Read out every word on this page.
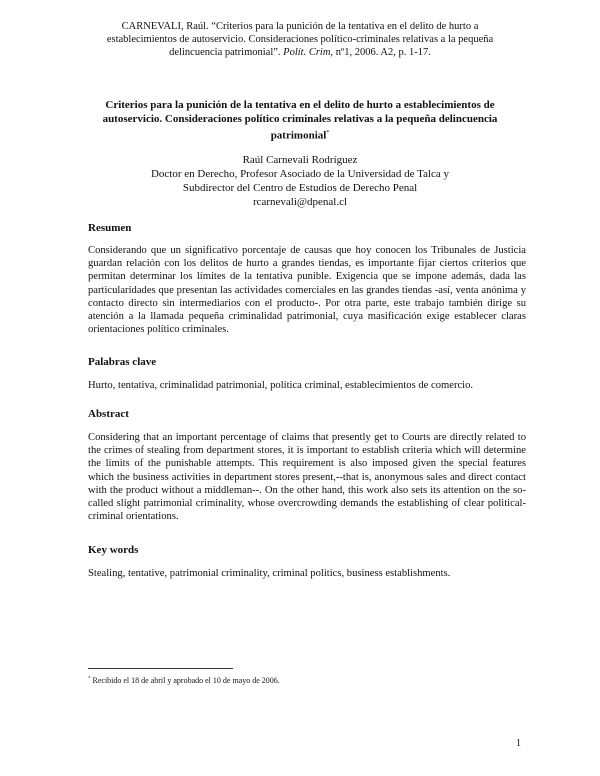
CARNEVALI, Raúl. “Criterios para la punición de la tentativa en el delito de hurto a
establecimientos de autoservicio. Consideraciones político-criminales relativas a la pequeña
delincuencia patrimonial”. Polít. Crim, nº1, 2006. A2, p. 1-17.
Criterios para la punición de la tentativa en el delito de hurto a establecimientos de autoservicio. Consideraciones político criminales relativas a la pequeña delincuencia patrimonial*
Raúl Carnevali Rodríguez
Doctor en Derecho, Profesor Asociado de la Universidad de Talca y
Subdirector del Centro de Estudios de Derecho Penal
rcarnevali@dpenal.cl
Resumen
Considerando que un significativo porcentaje de causas que hoy conocen los Tribunales de Justicia guardan relación con los delitos de hurto a grandes tiendas, es importante fijar ciertos criterios que permitan determinar los límites de la tentativa punible. Exigencia que se impone además, dada las particularidades que presentan las actividades comerciales en las grandes tiendas -así, venta anónima y contacto directo sin intermediarios con el producto-. Por otra parte, este trabajo también dirige su atención a la llamada pequeña criminalidad patrimonial, cuya masificación exige establecer claras orientaciones político criminales.
Palabras clave
Hurto, tentativa, criminalidad patrimonial, política criminal, establecimientos de comercio.
Abstract
Considering that an important percentage of claims that presently get to Courts are directly related to the crimes of stealing from department stores, it is important to establish criteria which will determine the limits of the punishable attempts. This requirement is also imposed given the special features which the business activities in department stores present,--that is, anonymous sales and direct contact with the product without a middleman--. On the other hand, this work also sets its attention on the so-called slight patrimonial criminality, whose overcrowding demands the establishing of clear political-criminal orientations.
Key words
Stealing, tentative, patrimonial criminality, criminal politics, business establishments.
* Recibido el 18 de abril y aprobado el 10 de mayo de 2006.
1
